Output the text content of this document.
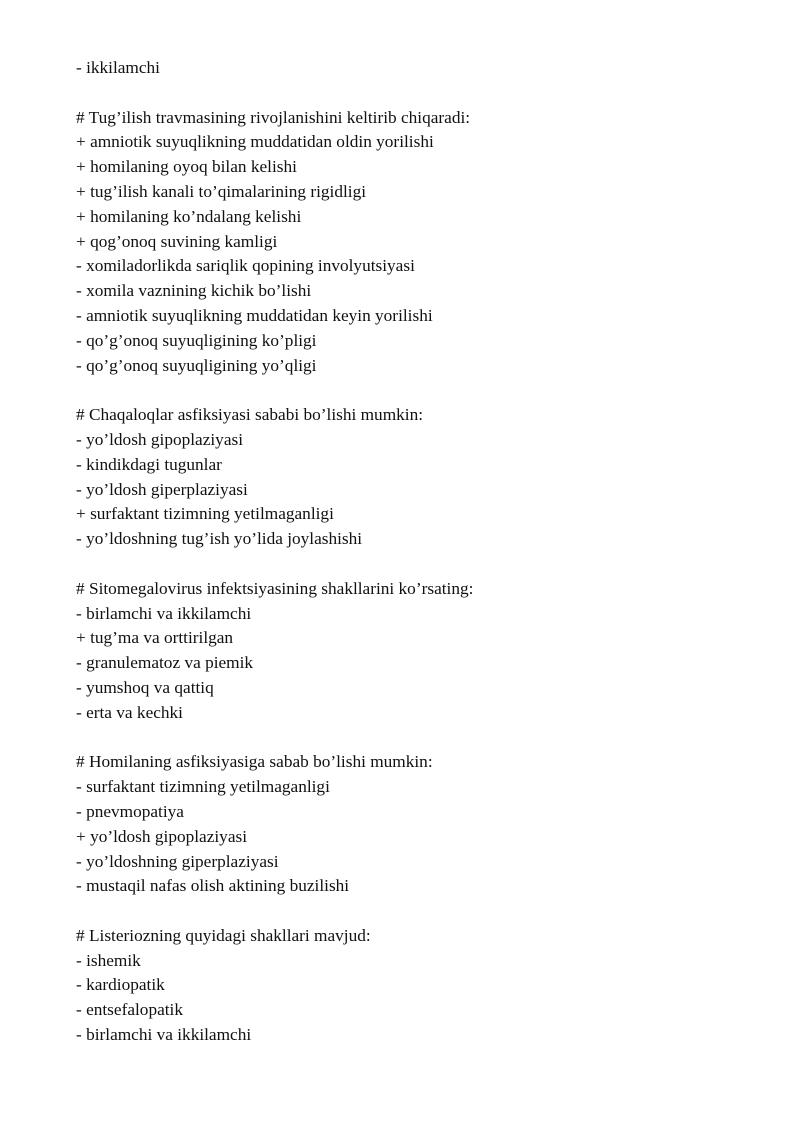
- ikkilamchi
# Tug’ilish travmasining rivojlanishini keltirib chiqaradi:
+ amniotik suyuqlikning muddatidan oldin yorilishi
+ homilaning oyoq bilan kelishi
+ tug’ilish kanali to’qimalarining rigidligi
+ homilaning ko’ndalang kelishi
+ qog’onoq suvining kamligi
- xomiladorlikda sariqlik qopining involyutsiyasi
- xomila vaznining kichik bo’lishi
- amniotik suyuqlikning muddatidan keyin yorilishi
- qo’g’onoq suyuqligining ko’pligi
- qo’g’onoq suyuqligining yo’qligi
# Chaqaloqlar asfiksiyasi sababi bo’lishi mumkin:
- yo’ldosh gipoplaziyasi
- kindikdagi tugunlar
- yo’ldosh giperplaziyasi
+ surfaktant tizimning yetilmaganligi
- yo’ldoshning tug’ish yo’lida joylashishi
# Sitomegalovirus infektsiyasining shakllarini ko’rsating:
- birlamchi va ikkilamchi
+ tug’ma va orttirilgan
- granulematoz va piemik
- yumshoq va qattiq
- erta va kechki
# Homilaning asfiksiyasiga sabab bo’lishi mumkin:
- surfaktant tizimning yetilmaganligi
- pnevmopatiya
+ yo’ldosh gipoplaziyasi
- yo’ldoshning giperplaziyasi
- mustaqil nafas olish aktining buzilishi
# Listeriozning quyidagi shakllari mavjud:
- ishemik
- kardiopatik
- entsefalopatik
- birlamchi va ikkilamchi
